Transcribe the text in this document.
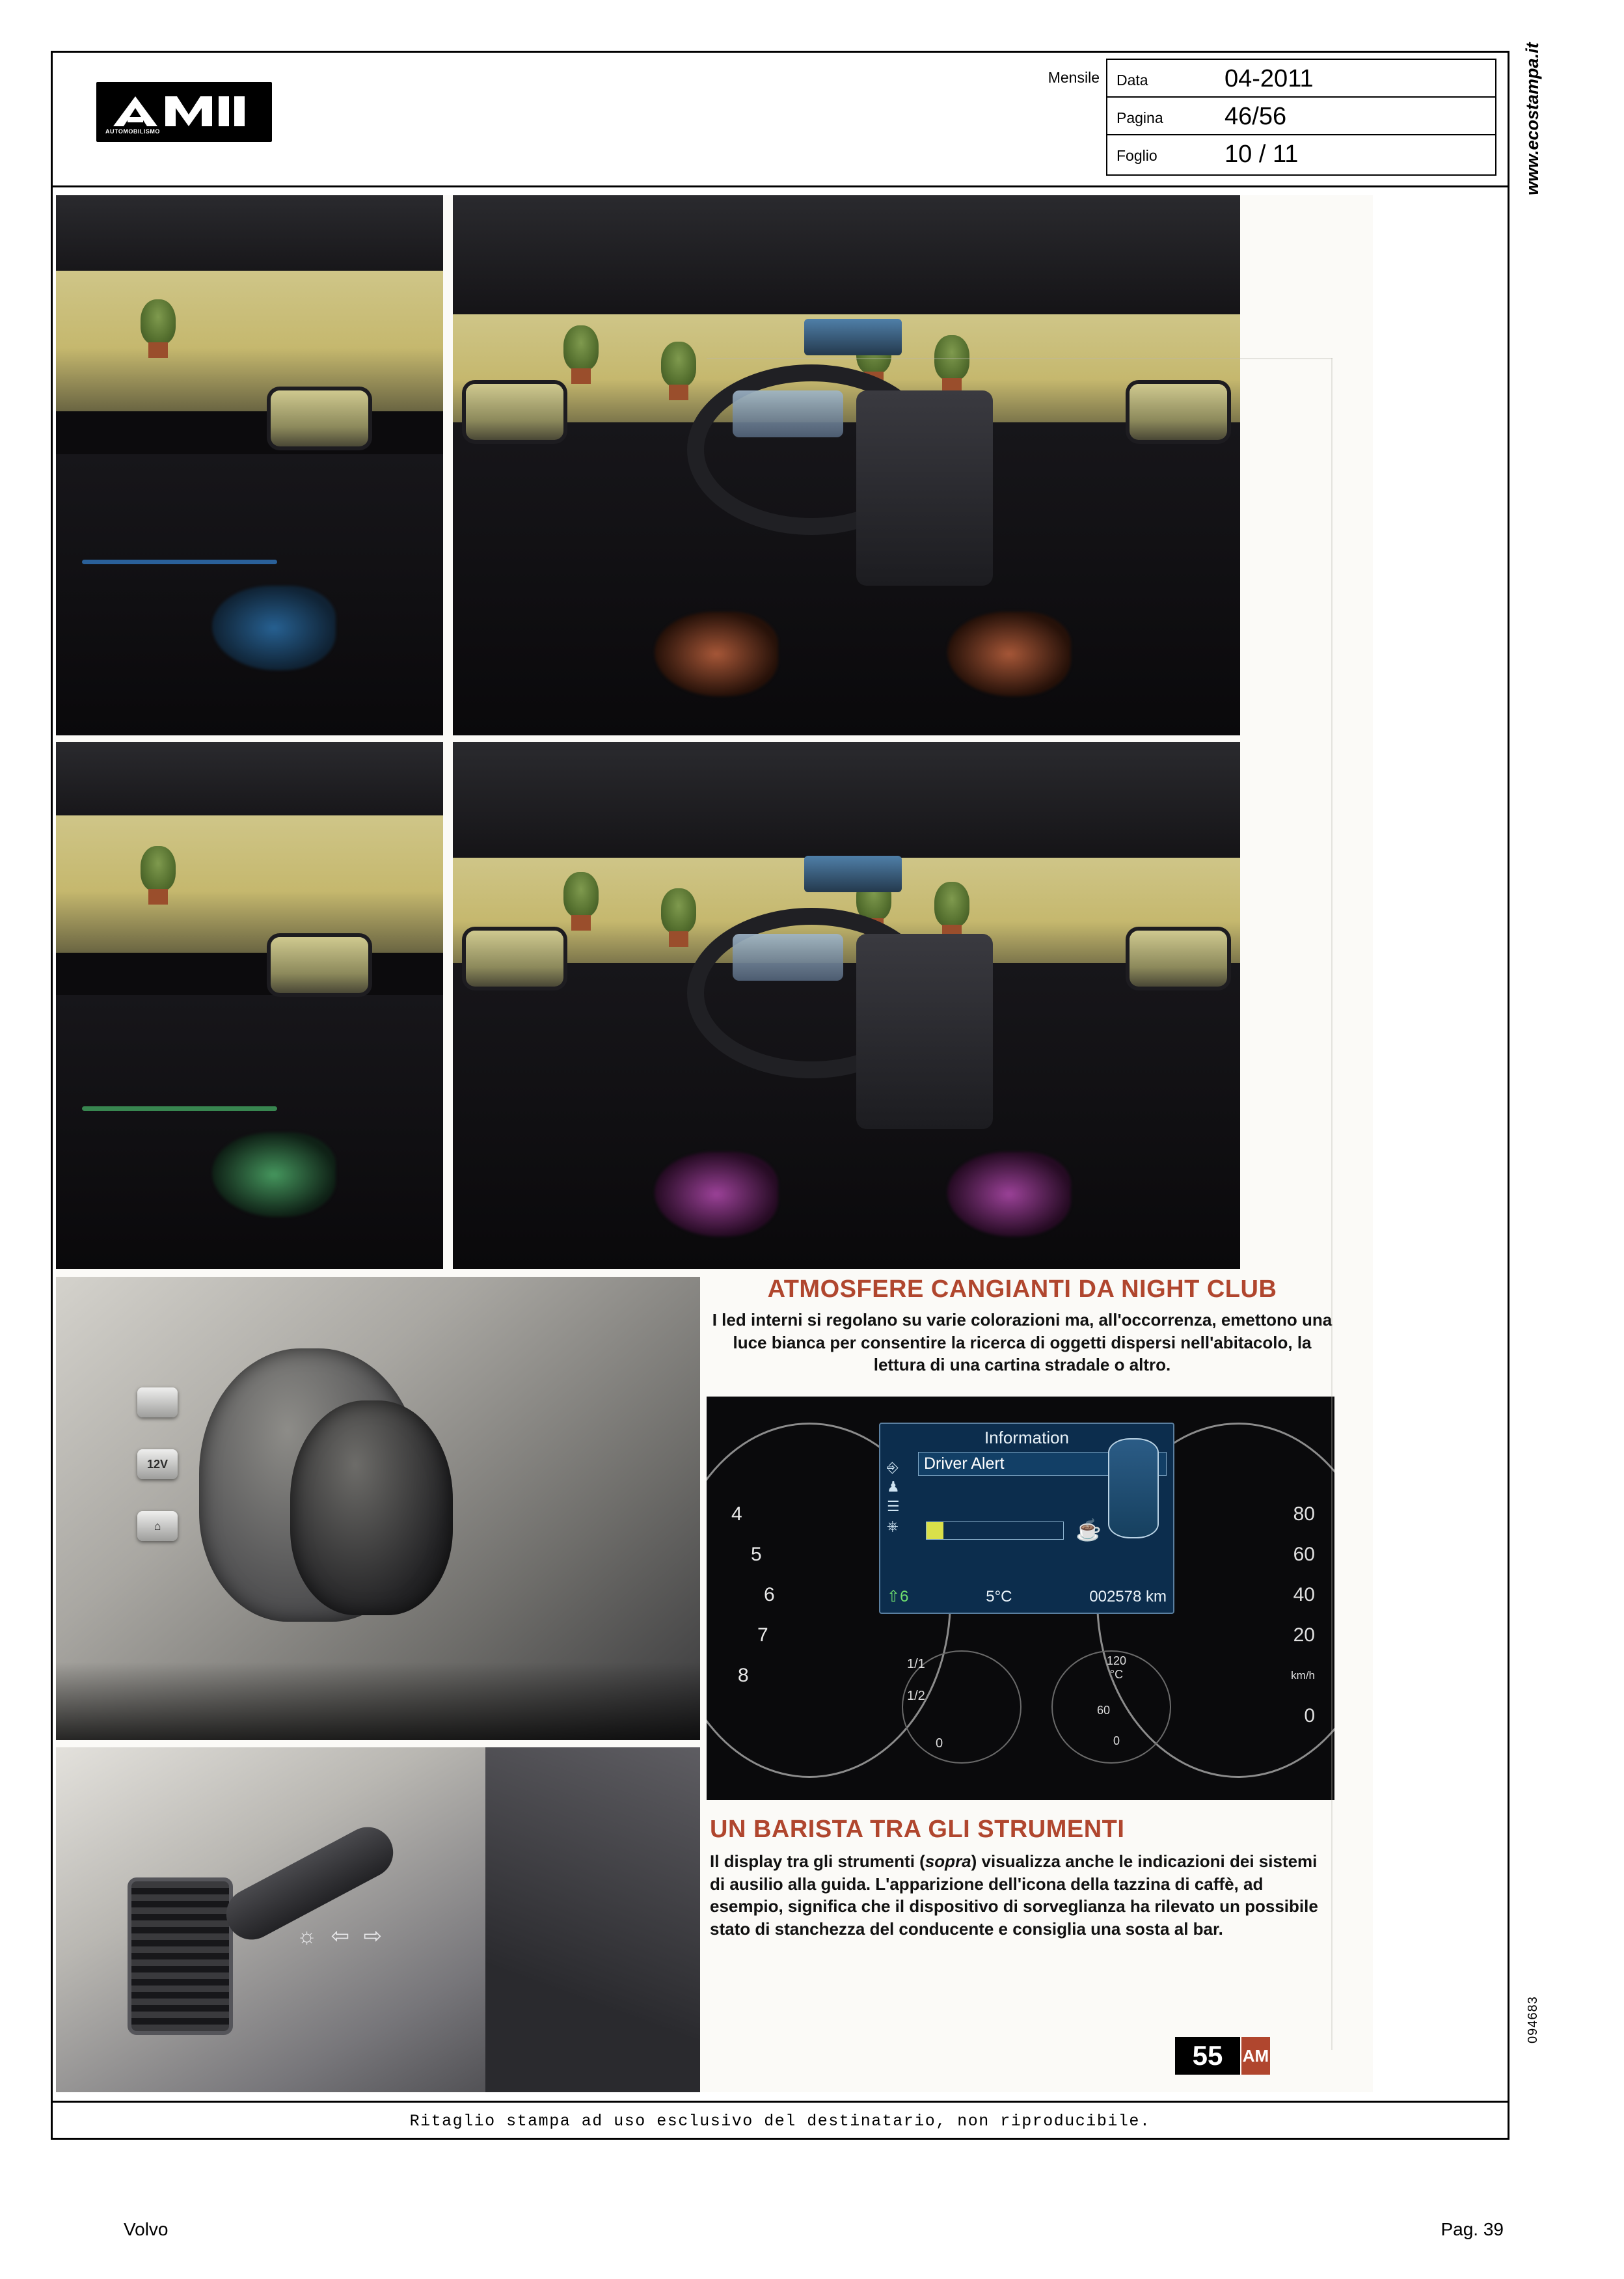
AUTOMOBILISMO
Mensile Data	04-2011
Pagina 46/56
Foglio	10 / 11	www.ecostampa.it
094683
ATMOSFERE CANGIANTI DA NIGHT CLUB
I led interni si regolano su varie colorazioni ma, all'occorrenza, emettono una luce bianca per consentire la ricerca di oggetti dispersi nell'abitacolo, la lettura di una cartina stradale o altro.
12V
⌂
4
5
6
7
8
80
60
40
20
km/h
0
Information
Driver Alert
⎆
♟
☰
⎈	☕
⇧6	5°C	002578 km
1/1
1/2
0
120
°C
60
0
UN BARISTA TRA GLI STRUMENTI
Il display tra gli strumenti (sopra) visualizza anche le indicazioni dei sistemi di ausilio alla guida. L'apparizione dell'icona della tazzina di caffè, ad esempio, significa che il dispositivo di sorveglianza ha rilevato un possibile stato di stanchezza del conducente e consiglia una sosta al bar.
☼ ⇦ ⇨
55	AM
Ritaglio stampa ad uso esclusivo del destinatario, non riproducibile.
Volvo	Pag. 39
